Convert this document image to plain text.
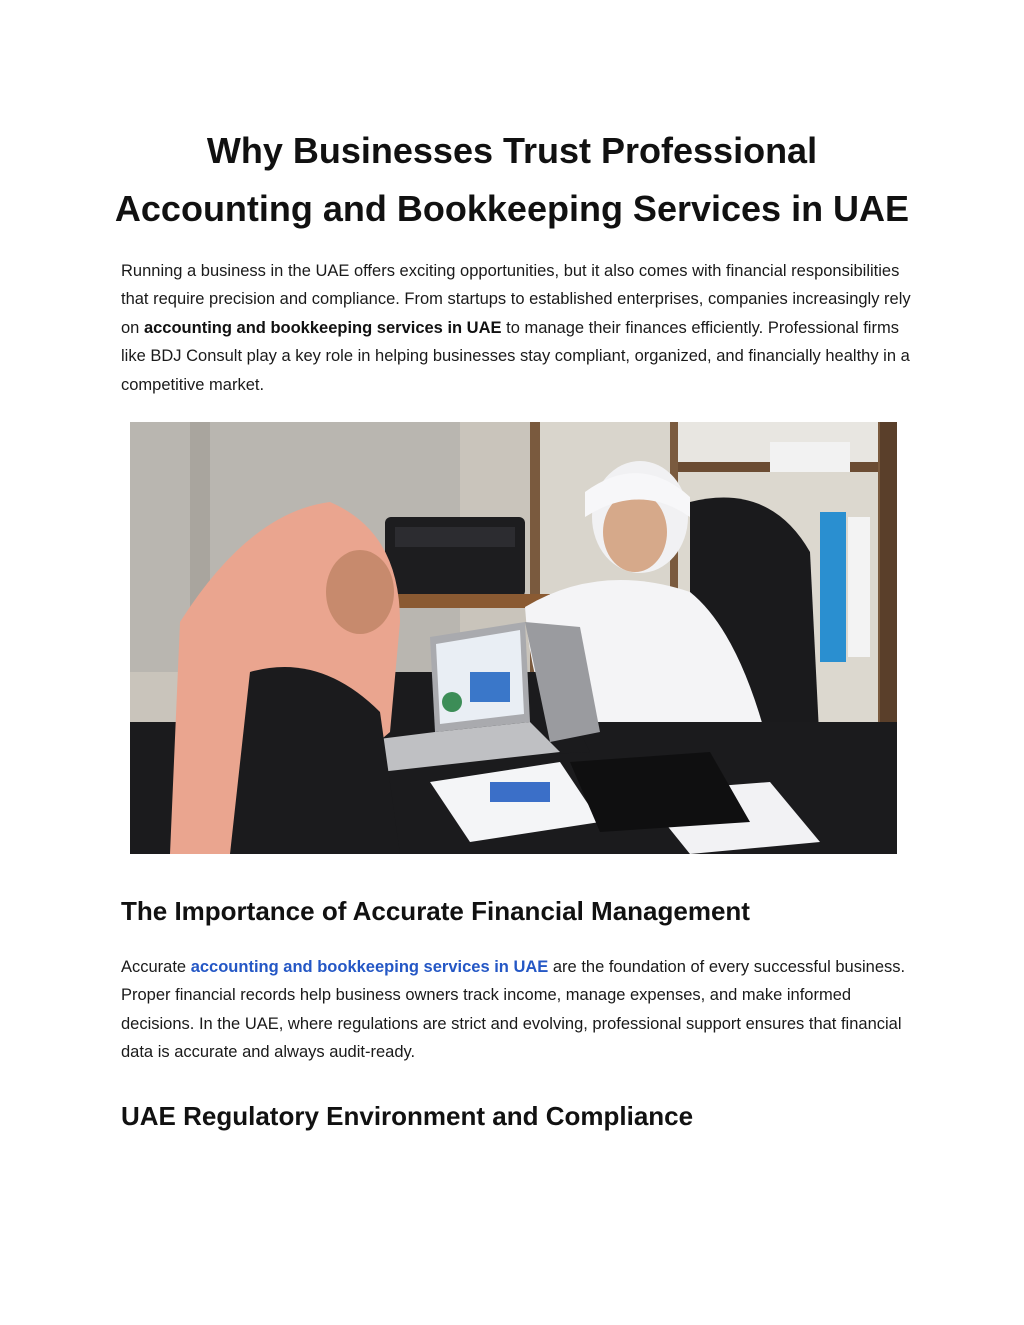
Why Businesses Trust Professional
Accounting and Bookkeeping Services in UAE

Running a business in the UAE offers exciting opportunities, but it also comes with financial responsibilities that require precision and compliance. From startups to established enterprises, companies increasingly rely on accounting and bookkeeping services in UAE to manage their finances efficiently. Professional firms like BDJ Consult play a key role in helping businesses stay compliant, organized, and financially healthy in a competitive market.

The Importance of Accurate Financial Management

Accurate accounting and bookkeeping services in UAE are the foundation of every successful business. Proper financial records help business owners track income, manage expenses, and make informed decisions. In the UAE, where regulations are strict and evolving, professional support ensures that financial data is accurate and always audit-ready.

UAE Regulatory Environment and Compliance
